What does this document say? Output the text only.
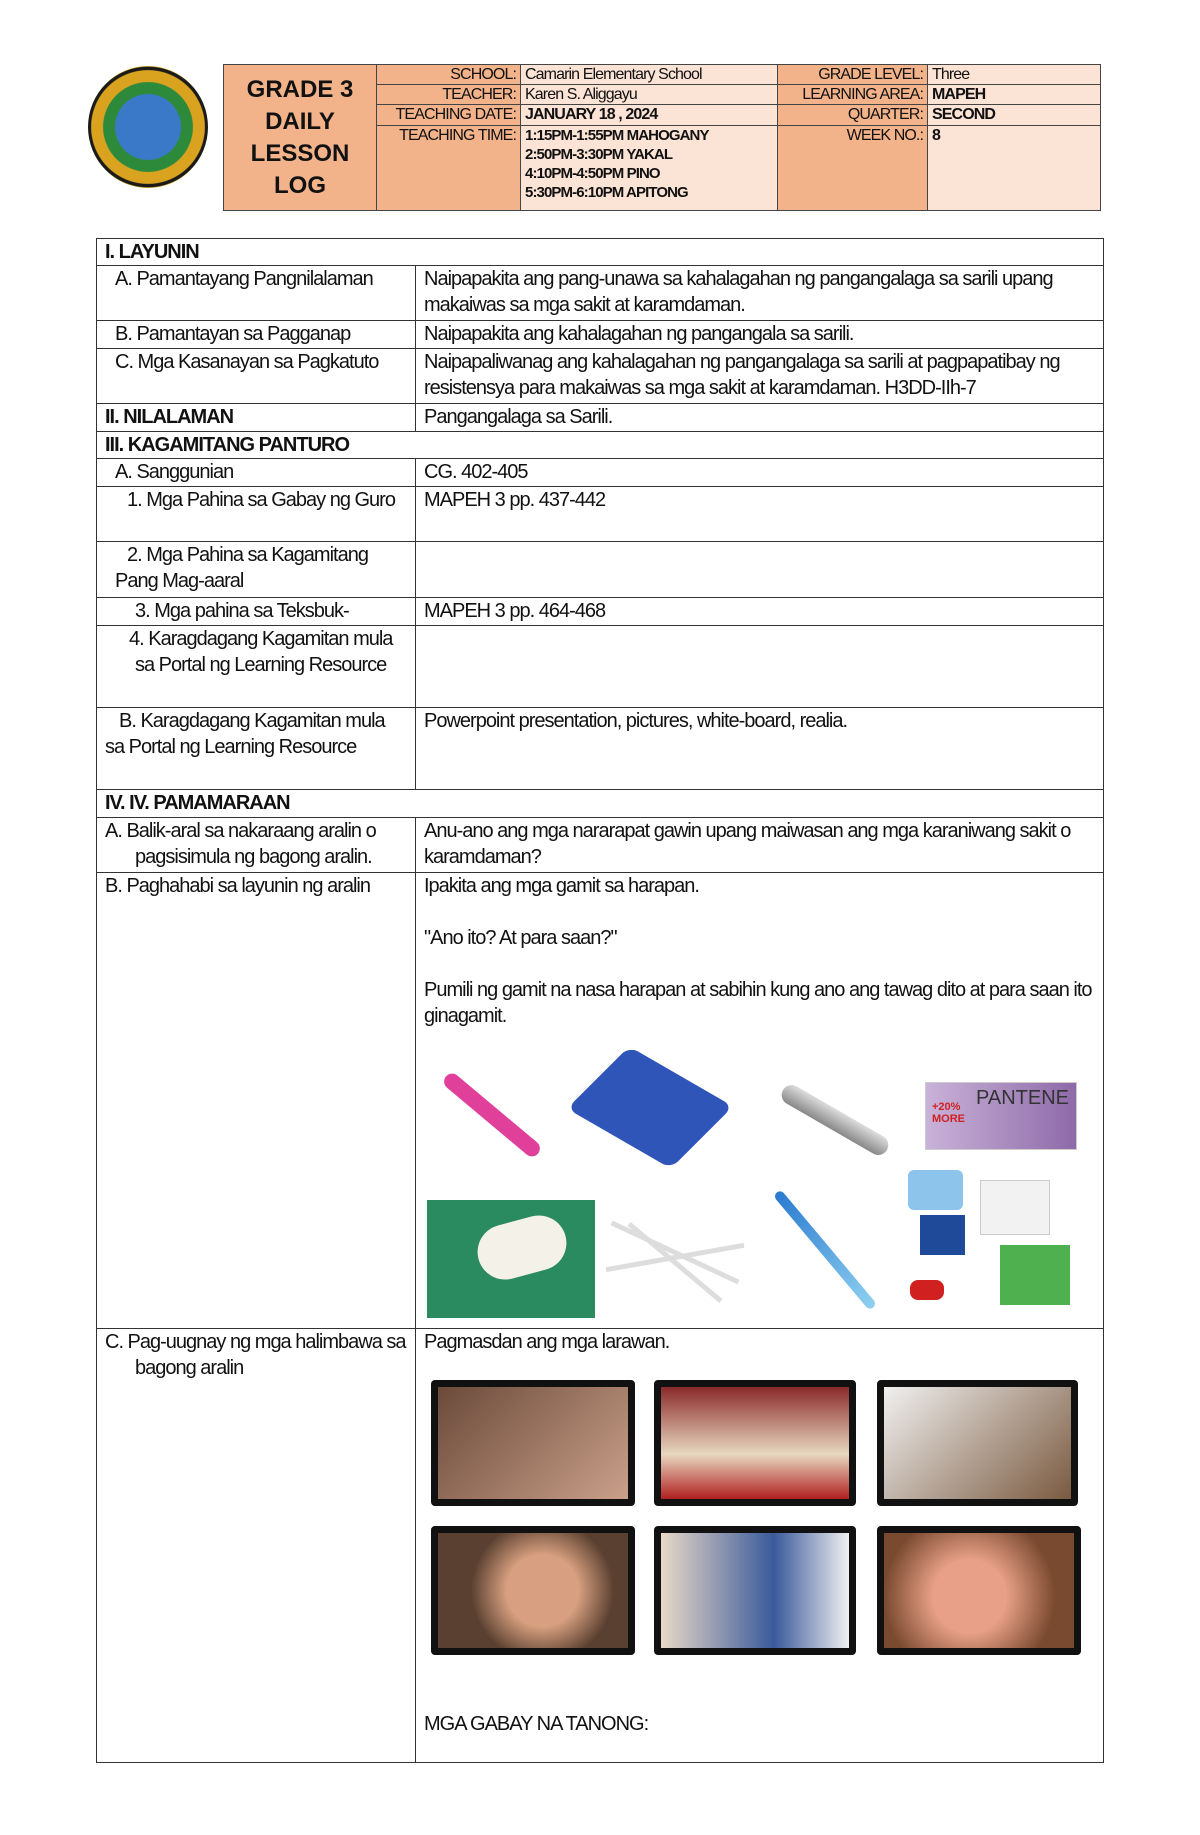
GRADE 3
DAILY
LESSON
LOG	SCHOOL:	Camarin Elementary School	GRADE LEVEL:	Three
	TEACHER:	Karen S. Aliggayu	LEARNING AREA:	MAPEH
	TEACHING DATE:	JANUARY 18 , 2024	QUARTER:	SECOND
	TEACHING TIME:	1:15PM-1:55PM MAHOGANY
2:50PM-3:30PM YAKAL
4:10PM-4:50PM PINO
5:30PM-6:10PM APITONG	WEEK NO.:	8
I. LAYUNIN	
A. Pamantayang Pangnilalaman	Naipapakita ang pang-unawa sa kahalagahan ng pangangalaga sa sarili upang makaiwas sa mga sakit at karamdaman.
B. Pamantayan sa Pagganap	Naipapakita ang kahalagahan ng pangangala sa sarili.
C. Mga Kasanayan sa Pagkatuto	Naipapaliwanag ang kahalagahan ng pangangalaga sa sarili at pagpapatibay ng resistensya para makaiwas sa mga sakit at karamdaman. H3DD-IIh-7
II. NILALAMAN	Pangangalaga sa Sarili.
III. KAGAMITANG PANTURO	
A. Sanggunian	CG. 402-405
1. Mga Pahina sa Gabay ng Guro	MAPEH 3 pp. 437-442
2. Mga Pahina sa Kagamitang Pang Mag-aaral	
3. Mga pahina sa Teksbuk-	MAPEH 3 pp. 464-468
4. Karagdagang Kagamitan mula sa Portal ng Learning Resource	
B. Karagdagang Kagamitan mula sa Portal ng Learning Resource	Powerpoint presentation, pictures, white-board, realia.
IV. IV. PAMAMARAAN	
A. Balik-aral sa nakaraang aralin o pagsisimula ng bagong aralin.	Anu-ano ang mga nararapat gawin upang maiwasan ang mga karaniwang sakit o karamdaman?
B. Paghahabi sa layunin ng aralin	Ipakita ang mga gamit sa harapan.

"Ano ito? At para saan?"

Pumili ng gamit na nasa harapan at sabihin kung ano ang tawag dito at para saan ito ginagamit.

C. Pag-uugnay ng mga halimbawa sa bagong aralin	Pagmasdan ang mga larawan.
MGA GABAY NA TANONG:
+20% MORE
PANTENE
